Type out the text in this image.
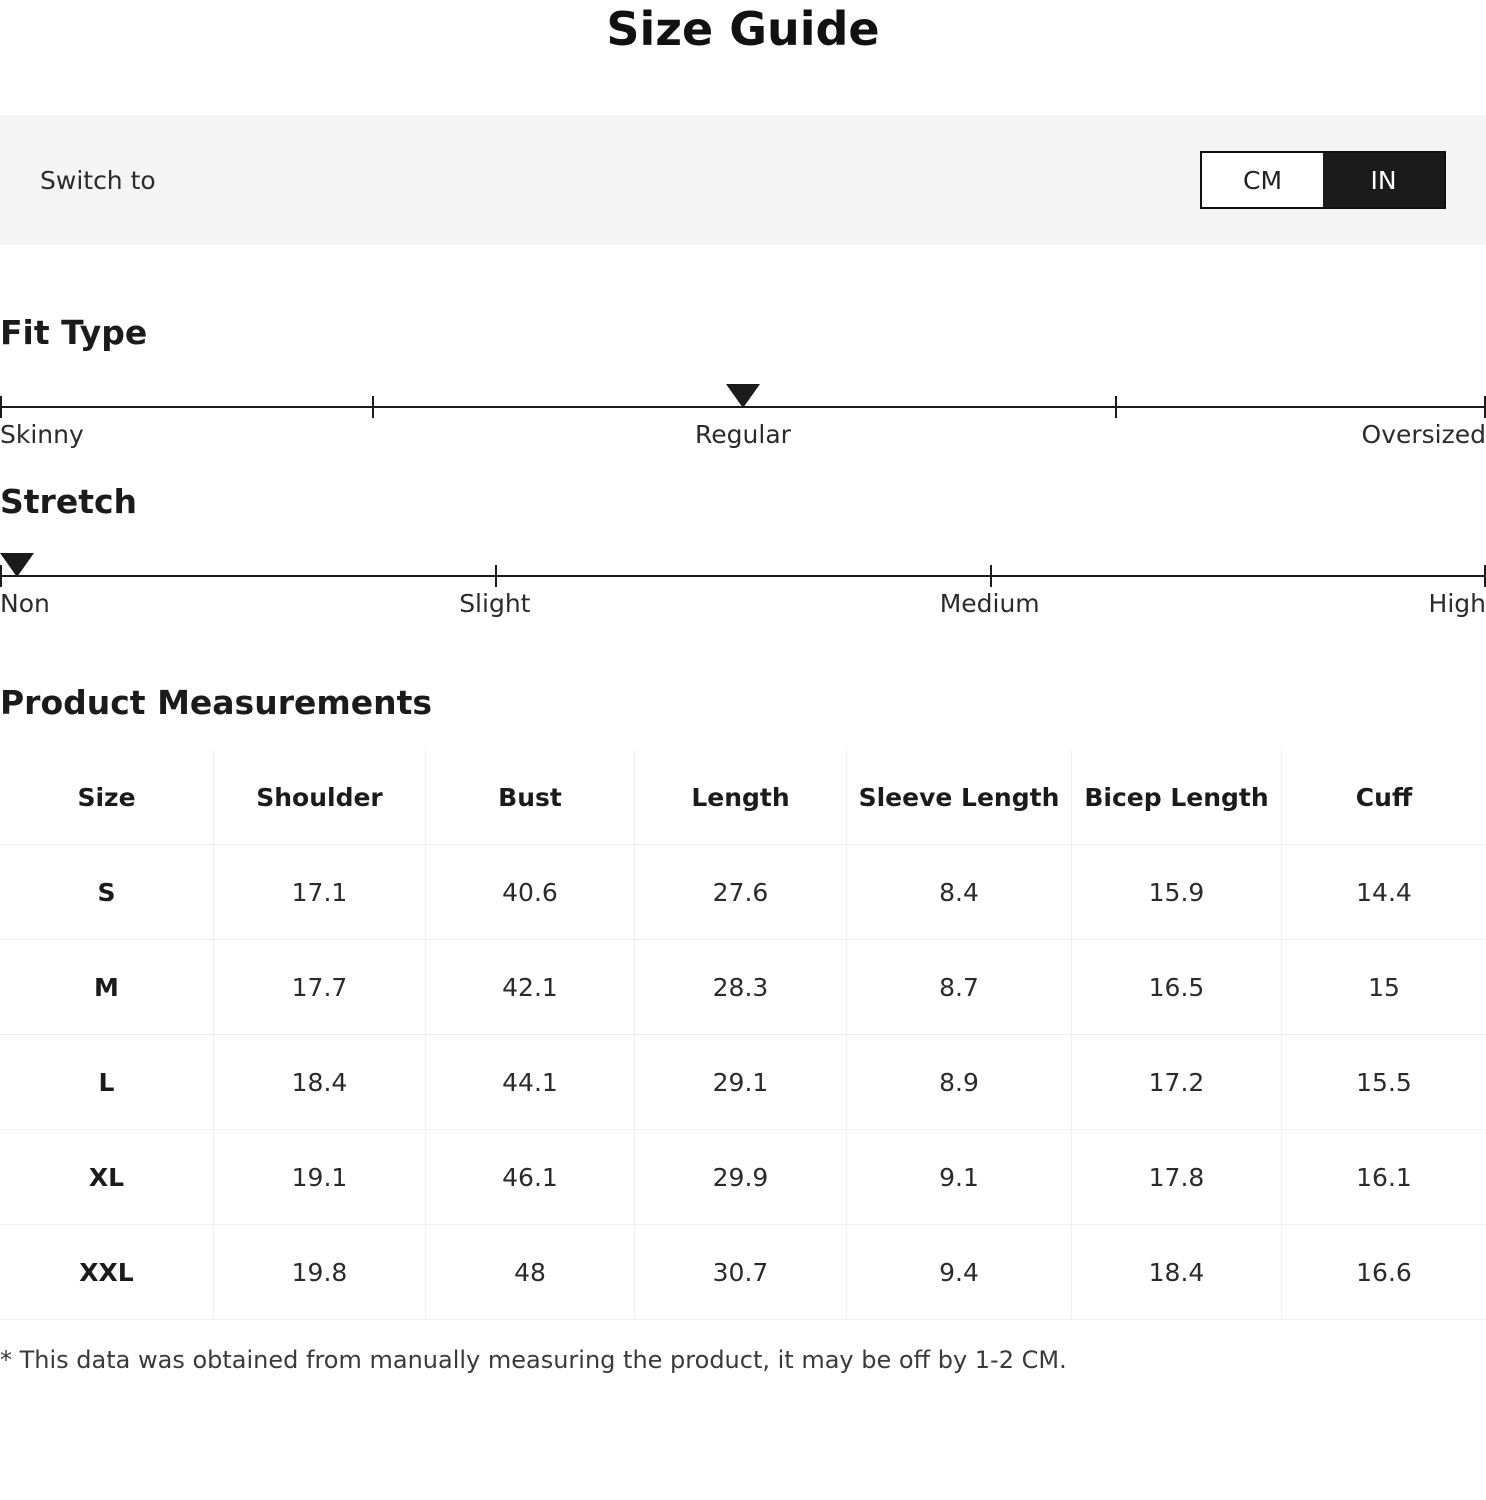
Size Guide
Switch to	CM	IN
Fit Type
Skinny	Regular	Oversized
Stretch
Non	Slight	Medium	High
Product Measurements
Size	Shoulder	Bust	Length	Sleeve Length	Bicep Length	Cuff
S	17.1	40.6	27.6	8.4	15.9	14.4
M	17.7	42.1	28.3	8.7	16.5	15
L	18.4	44.1	29.1	8.9	17.2	15.5
XL	19.1	46.1	29.9	9.1	17.8	16.1
XXL	19.8	48	30.7	9.4	18.4	16.6
* This data was obtained from manually measuring the product, it may be off by 1-2 CM.
